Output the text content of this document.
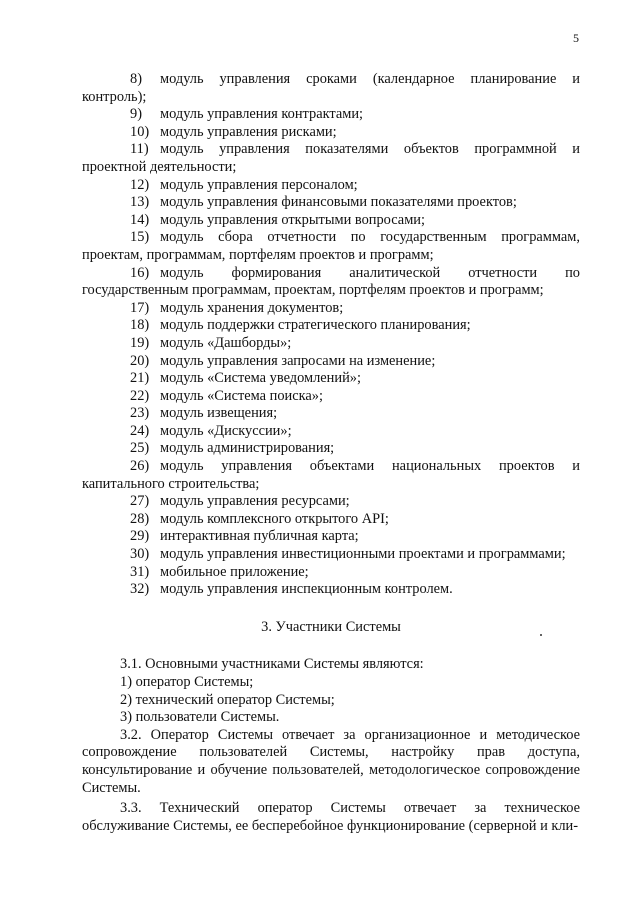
5

8) модуль управления сроками (календарное планирование и контроль);

9) модуль управления контрактами;
10) модуль управления рисками;

11) модуль управления показателями объектов программной и проектной деятельности;

12) модуль управления персоналом;
13) модуль управления финансовыми показателями проектов;
14) модуль управления открытыми вопросами;

15) модуль сбора отчетности по государственным программам, проектам, программам, портфелям проектов и программ;

16) модуль формирования аналитической отчетности по государственным программам, проектам, портфелям проектов и программ;

17) модуль хранения документов;
18) модуль поддержки стратегического планирования;
19) модуль «Дашборды»;
20) модуль управления запросами на изменение;
21) модуль «Система уведомлений»;
22) модуль «Система поиска»;
23) модуль извещения;
24) модуль «Дискуссии»;
25) модуль администрирования;

26) модуль управления объектами национальных проектов и капитального строительства;

27) модуль управления ресурсами;
28) модуль комплексного открытого API;
29) интерактивная публичная карта;

30) модуль управления инвестиционными проектами и программами;

31) мобильное приложение;
32) модуль управления инспекционным контролем.
3. Участники Системы

3.1. Основными участниками Системы являются:

1) оператор Системы;
2) технический оператор Системы;
3) пользователи Системы.

3.2. Оператор Системы отвечает за организационное и методическое сопровождение пользователей Системы, настройку прав доступа, консультирование и обучение пользователей, методологическое сопровождение Системы.

3.3. Технический оператор Системы отвечает за техническое обслуживание Системы, ее бесперебойное функционирование (серверной и кли-
